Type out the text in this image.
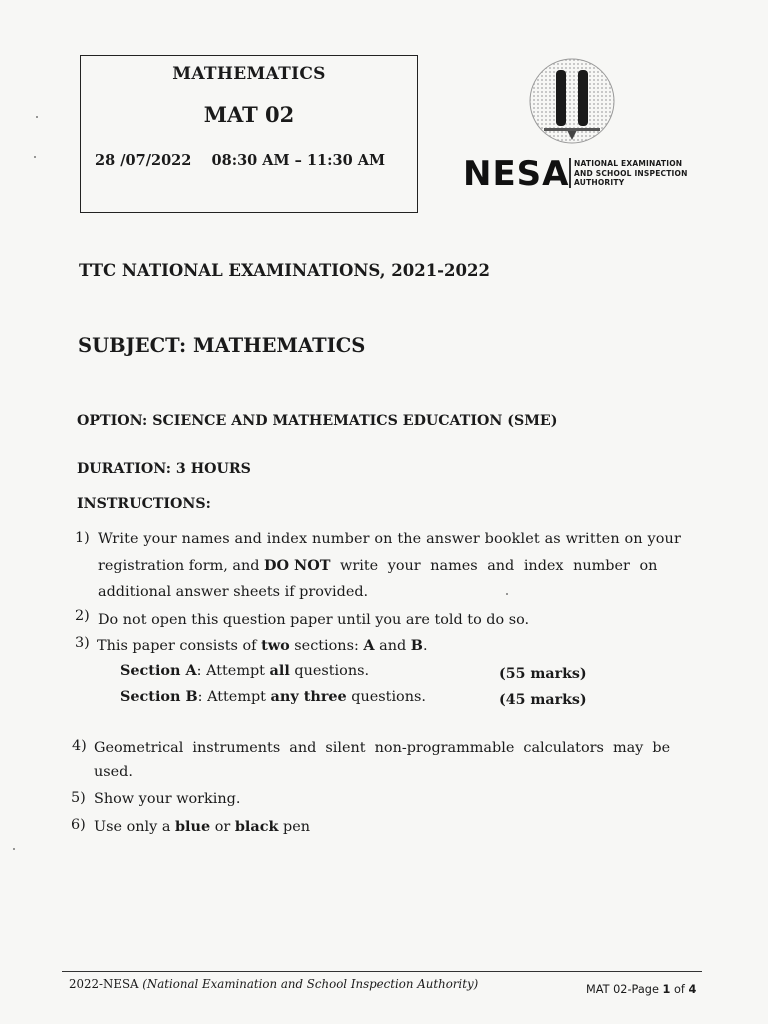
MATHEMATICS
MAT 02
28 /07/2022    08:30 AM – 11:30 AM NESA NATIONAL EXAMINATION
AND SCHOOL INSPECTION
AUTHORITY
TTC NATIONAL EXAMINATIONS, 2021-2022
SUBJECT: MATHEMATICS
OPTION: SCIENCE AND MATHEMATICS EDUCATION (SME)
DURATION: 3 HOURS
INSTRUCTIONS:
1) Write your names and index number on the answer booklet as written on your
registration form, and DO NOT write your names and index number on
additional answer sheets if provided.
2) Do not open this question paper until you are told to do so.
3) This paper consists of two sections: A and B.
Section A: Attempt all questions.	(55 marks)
Section B: Attempt any three questions.	(45 marks)
4) Geometrical instruments and silent non-programmable calculators may be
used.
5) Show your working.
6) Use only a blue or black pen
2022-NESA (National Examination and School Inspection Authority)	MAT 02-Page 1 of 4
